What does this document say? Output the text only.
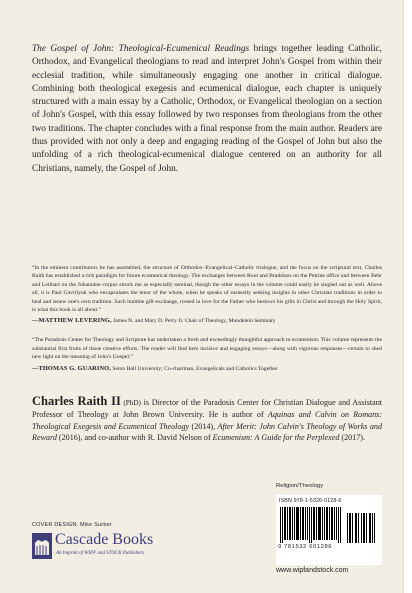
The Gospel of John: Theological-Ecumenical Readings brings together leading Catholic, Orthodox, and Evangelical theologians to read and interpret John's Gospel from within their ecclesial tradition, while simultaneously engaging one another in critical dialogue. Combining both theological exegesis and ecumenical dialogue, each chapter is uniquely structured with a main essay by a Catholic, Orthodox, or Evangelical theologian on a section of John's Gospel, with this essay followed by two responses from theologians from the other two traditions. The chapter concludes with a final response from the main author. Readers are thus provided with not only a deep and engaging reading of the Gospel of John but also the unfolding of a rich theological-ecumenical dialogue centered on an authority for all Christians, namely, the Gospel of John.

“In the eminent contributors he has assembled, the structure of Orthodox–Evangelical–Catholic trialogue, and the focus on the scriptural text, Charles Raith has established a rich paradigm for future ecumenical theology. The exchanges between Root and Bradshaw on the Petrine office and between Behr and Leithart on the Johannine corpus struck me as especially seminal, though the other essays in the volume could easily be singled out as well. Above all, it is Paul Gavrilyuk who encapsulates the tenor of the whole, when he speaks of earnestly seeking insights in other Christian traditions in order to heal and renew one's own tradition. Such humble gift-exchange, rooted in love for the Father who bestows his gifts in Christ and through the Holy Spirit, is what this book is all about.”

—MATTHEW LEVERING, James N. and Mary D. Perry Jr. Chair of Theology, Mundelein Seminary

“The Paradosis Center for Theology and Scripture has undertaken a fresh and exceedingly thoughtful approach to ecumenism. This volume represents the substantial first fruits of those creative efforts. The reader will find here incisive and engaging essays—along with vigorous responses—certain to shed new light on the meaning of John's Gospel.”

—THOMAS G. GUARINO, Seton Hall University; Co-chairman, Evangelicals and Catholics Together

Charles Raith II (PhD) is Director of the Paradosis Center for Christian Dialogue and Assistant Professor of Theology at John Brown University. He is author of Aquinas and Calvin on Romans: Theological Exegesis and Ecumenical Theology (2014), After Merit: John Calvin's Theology of Works and Reward (2016), and co-author with R. David Nelson of Ecumenism: A Guide for the Perplexed (2017).
Religion/Theology
ISBN 978-1-5326-0128-6
9 781532 601286
www.wipfandstock.com
COVER DESIGN: Mike Surber
Cascade Books
An Imprint of WIPF and STOCK Publishers
